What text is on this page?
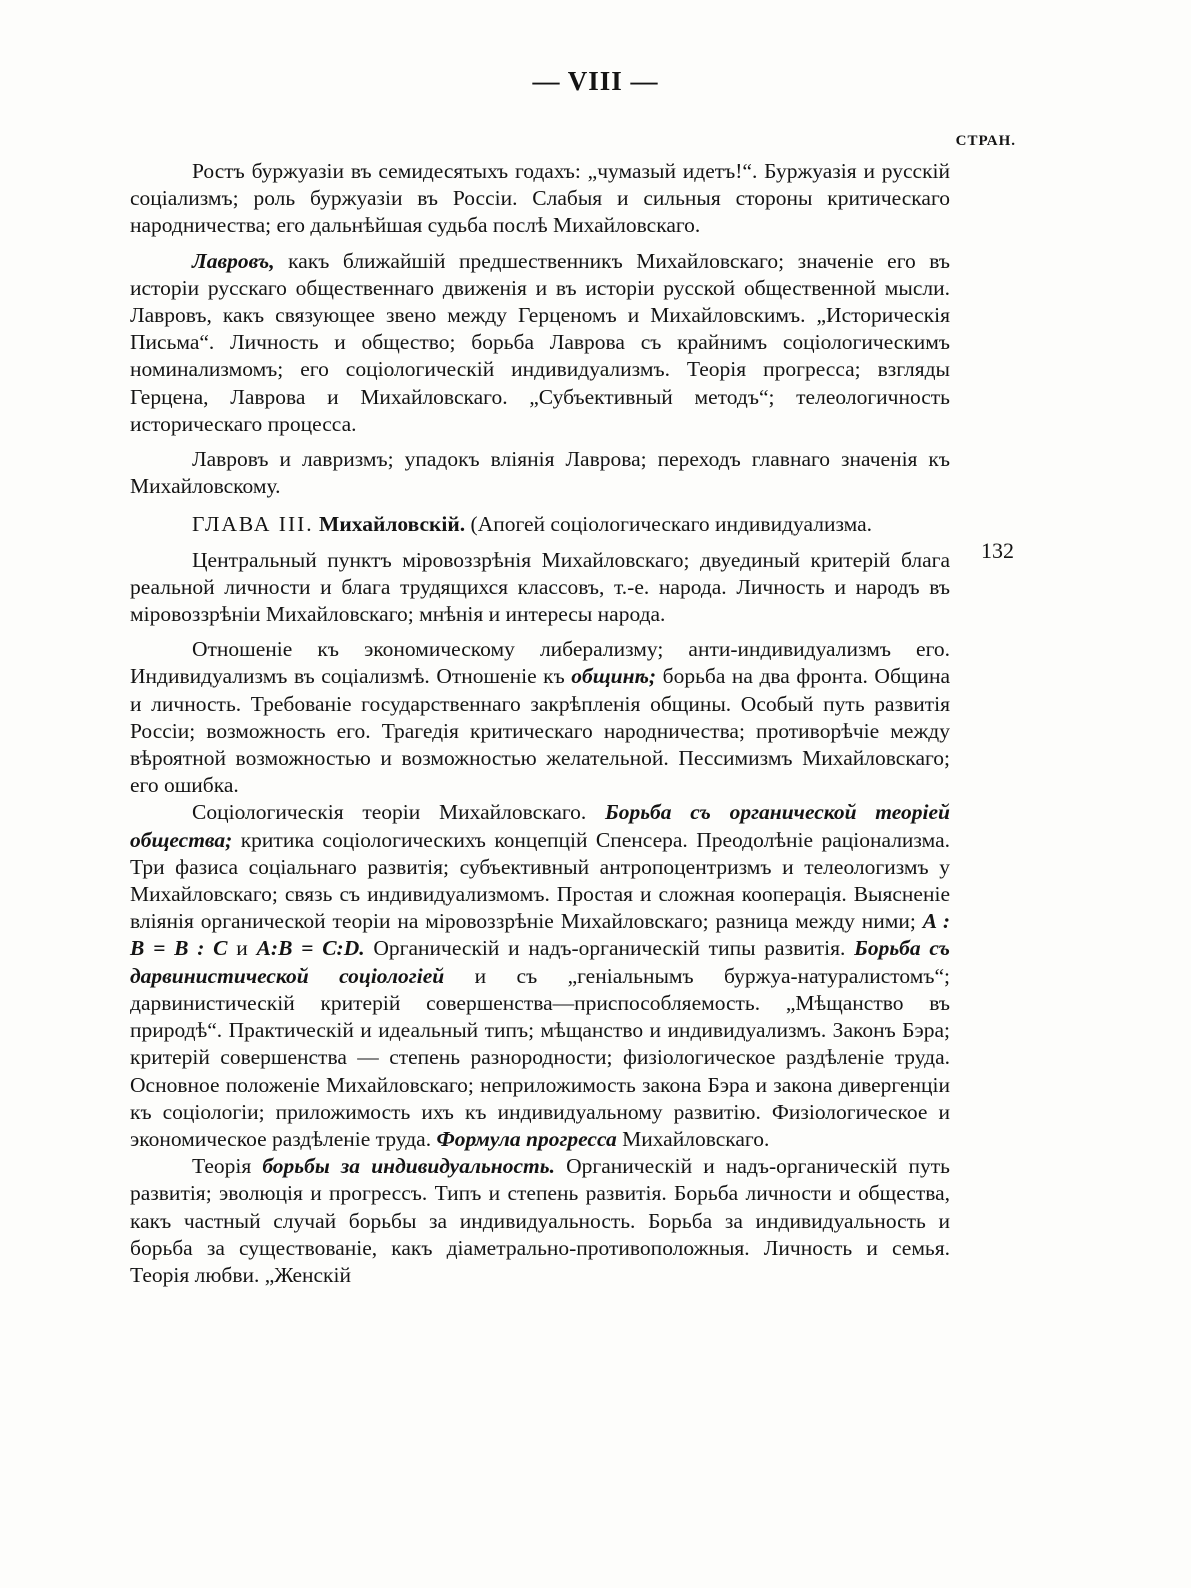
— VIII —
СТРАН.

Ростъ буржуазіи въ семидесятыхъ годахъ: „чумазый идетъ!“. Буржуазія и русскій соціализмъ; роль буржуазіи въ Россіи. Слабыя и сильныя стороны критическаго народничества; его дальнѣйшая судьба послѣ Михайловскаго.

Лавровъ, какъ ближайшій предшественникъ Михайловскаго; значеніе его въ исторіи русскаго общественнаго движенія и въ исторіи русской общественной мысли. Лавровъ, какъ связующее звено между Герценомъ и Михайловскимъ. „Историческія Письма“. Личность и общество; борьба Лаврова съ крайнимъ соціологическимъ номинализмомъ; его соціологическій индивидуализмъ. Теорія прогресса; взгляды Герцена, Лаврова и Михайловскаго. „Субъективный методъ“; телеологичность историческаго процесса.

Лавровъ и лавризмъ; упадокъ вліянія Лаврова; переходъ главнаго значенія къ Михайловскому.

ГЛАВА III. Михайловскій. (Апогей соціологическаго индивидуализма.

132

Центральный пунктъ міровоззрѣнія Михайловскаго; двуединый критерій блага реальной личности и блага трудящихся классовъ, т.-е. народа. Личность и народъ въ міровоззрѣніи Михайловскаго; мнѣнія и интересы народа.

Отношеніе къ экономическому либерализму; анти-индивидуализмъ его. Индивидуализмъ въ соціализмѣ. Отношеніе къ общинѣ; борьба на два фронта. Община и личность. Требованіе государственнаго закрѣпленія общины. Особый путь развитія Россіи; возможность его. Трагедія критическаго народничества; противорѣчіе между вѣроятной возможностью и возможностью желательной. Пессимизмъ Михайловскаго; его ошибка.

Соціологическія теоріи Михайловскаго. Борьба съ органической теоріей общества; критика соціологическихъ концепцій Спенсера. Преодолѣніе раціонализма. Три фазиса соціальнаго развитія; субъективный антропоцентризмъ и телеологизмъ у Михайловскаго; связь съ индивидуализмомъ. Простая и сложная кооперація. Выясненіе вліянія органической теоріи на міровоззрѣніе Михайловскаго; разница между ними; A : B = B : C и A:B = C:D. Органическій и надъ-органическій типы развитія. Борьба съ дарвинистической соціологіей и съ „геніальнымъ буржуа-натуралистомъ“; дарвинистическій критерій совершенства—приспособляемость. „Мѣщанство въ природѣ“. Практическій и идеальный типъ; мѣщанство и индивидуализмъ. Законъ Бэра; критерій совершенства — степень разнородности; физіологическое раздѣленіе труда. Основное положеніе Михайловскаго; неприложимость закона Бэра и закона дивергенціи къ соціологіи; приложимость ихъ къ индивидуальному развитію. Физіологическое и экономическое раздѣленіе труда. Формула прогресса Михайловскаго.

Теорія борьбы за индивидуальность. Органическій и надъ-органическій путь развитія; эволюція и прогрессъ. Типъ и степень развитія. Борьба личности и общества, какъ частный случай борьбы за индивидуальность. Борьба за индивидуальность и борьба за существованіе, какъ діаметрально-противоположныя. Личность и семья. Теорія любви. „Женскій
